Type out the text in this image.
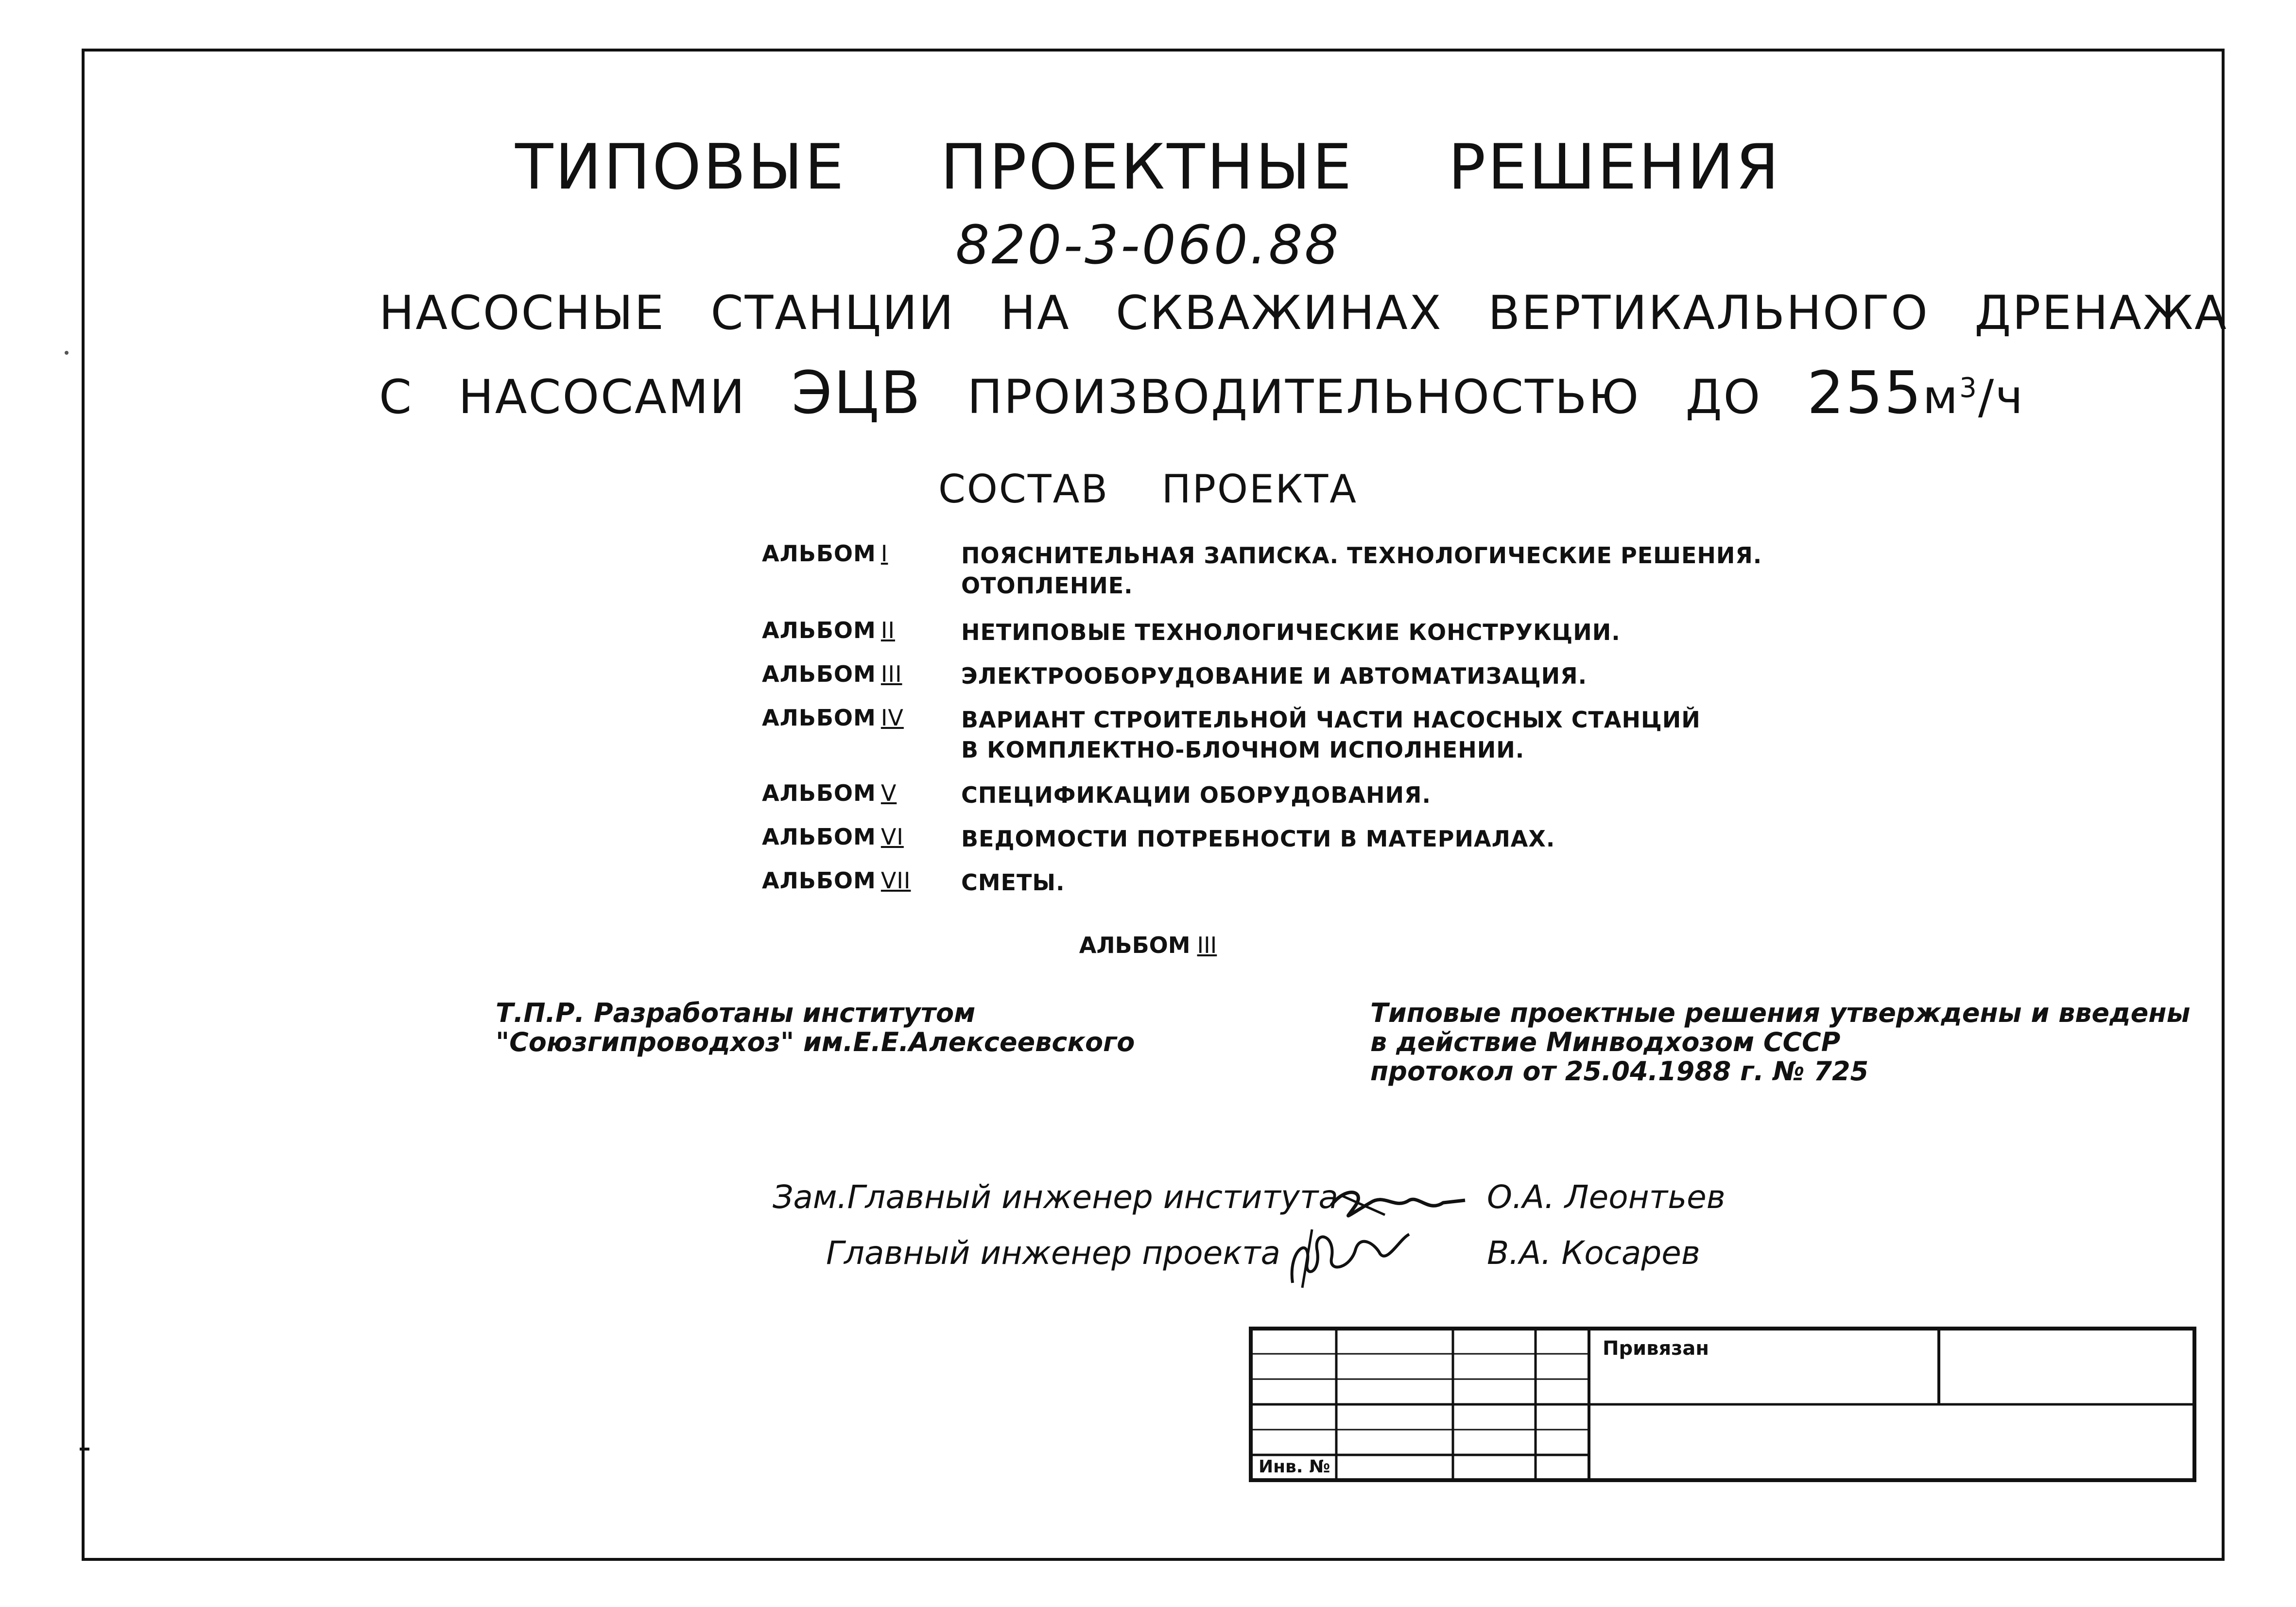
ТИПОВЫЕ ПРОЕКТНЫЕ РЕШЕНИЯ
820-3-060.88
НАСОСНЫЕ СТАНЦИИ НА СКВАЖИНАХ ВЕРТИКАЛЬНОГО ДРЕНАЖА
С НАСОСАМИ ЭЦВ ПРОИЗВОДИТЕЛЬНОСТЬЮ ДО $255м^3/ч$
СОСТАВ ПРОЕКТА
АЛЬБОМ I	ПОЯСНИТЕЛЬНАЯ ЗАПИСКА. ТЕХНОЛОГИЧЕСКИЕ РЕШЕНИЯ.
ОТОПЛЕНИЕ.
АЛЬБОМ II	НЕТИПОВЫЕ ТЕХНОЛОГИЧЕСКИЕ КОНСТРУКЦИИ.
АЛЬБОМ III	ЭЛЕКТРООБОРУДОВАНИЕ И АВТОМАТИЗАЦИЯ.
АЛЬБОМ IV	ВАРИАНТ СТРОИТЕЛЬНОЙ ЧАСТИ НАСОСНЫХ СТАНЦИЙ
В КОМПЛЕКТНО-БЛОЧНОМ ИСПОЛНЕНИИ.
АЛЬБОМ V	СПЕЦИФИКАЦИИ ОБОРУДОВАНИЯ.
АЛЬБОМ VI	ВЕДОМОСТИ ПОТРЕБНОСТИ В МАТЕРИАЛАХ.
АЛЬБОМ VII СМЕТЫ.
АЛЬБОМ III
Т.П.Р. Разработаны институтом
"Союзгипроводхоз" им.Е.Е.Алексеевского
Типовые проектные решения утверждены и введены
в действие Минводхозом СССР
протокол от 25.04.1988 г. № 725
Зам.Главный инженер института	О.А. Леонтьев
Главный инженер проекта	В.А. Косарев
Привязан
Инв. №
